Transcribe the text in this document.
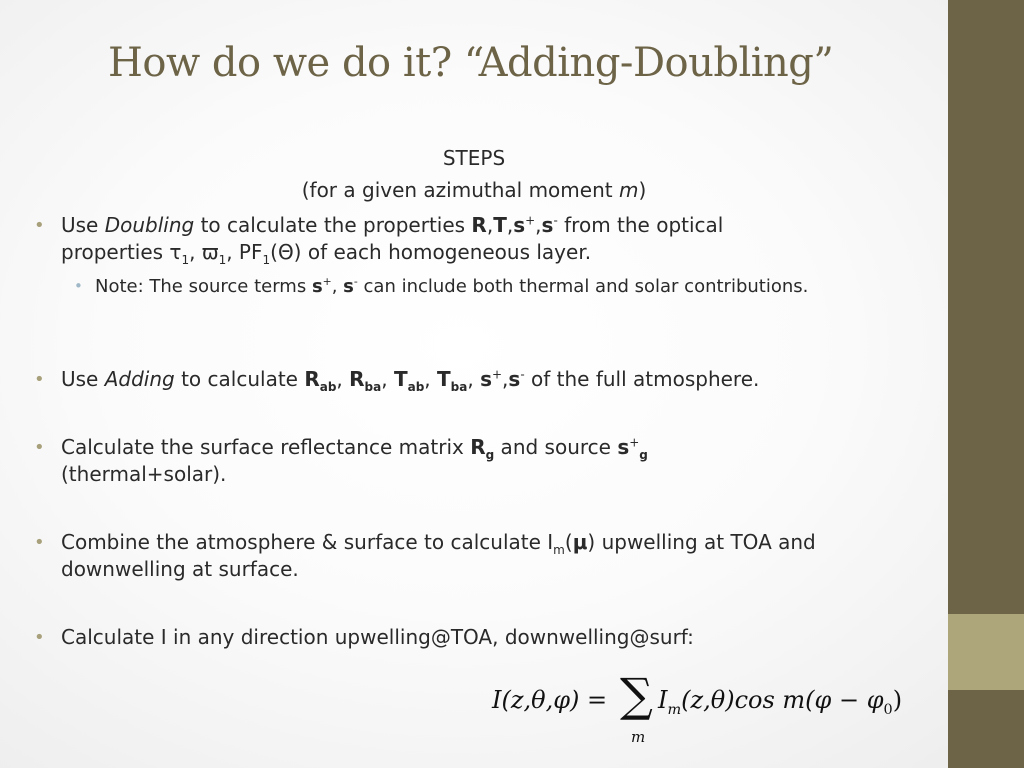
How do we do it? “Adding-Doubling”
STEPS
(for a given azimuthal moment m)
• Use Doubling to calculate the properties R,T,s+,s- from the optical
properties $\tau_1$, $ϖ_1$, $PF_1(\Theta)$ of each homogeneous layer.
• Note: The source terms s+, s- can include both thermal and solar contributions.
• Use Adding to calculate $R_{ab}$, $R_{ba}$, $T_{ab}$, $T_{ba}$, s+,s- of the full atmosphere.
• Calculate the surface reflectance matrix $R_g$ and source $s^+_g$
(thermal+solar).
• Combine the atmosphere & surface to calculate $I_m(\mu)$ upwelling at TOA and downwelling at surface.
• Calculate I in any direction upwelling@TOA, downwelling@surf:
I(z,θ,φ) = ∑
m
$I_m(z,\theta)\cos$ $m(\varphi - \varphi_0)$
